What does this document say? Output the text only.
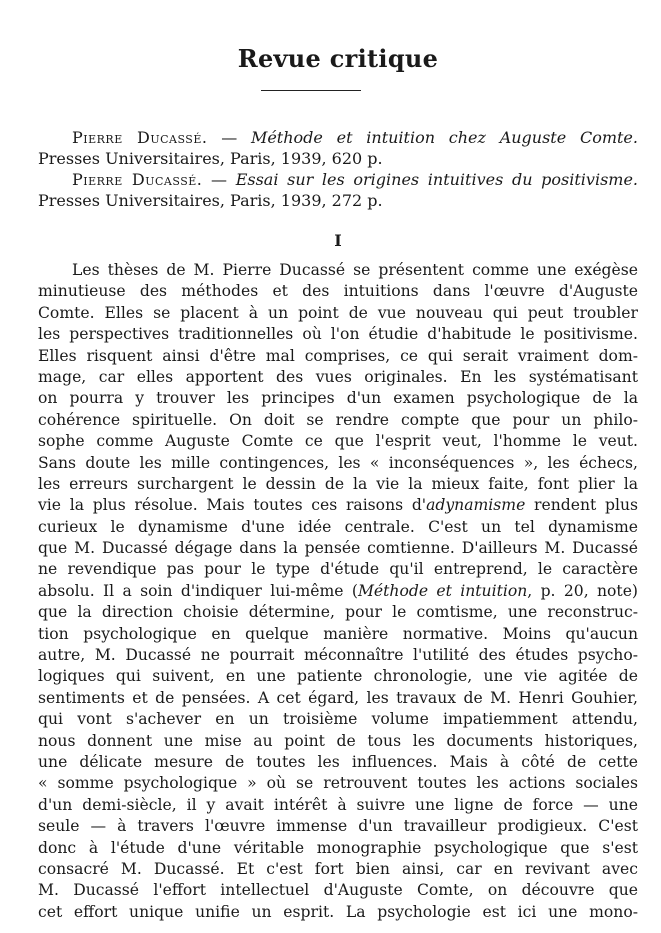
Revue critique

Pierre Ducassé. — Méthode et intuition chez Auguste Comte.
Presses Universitaires, Paris, 1939, 620 p.

Pierre Ducassé. — Essai sur les origines intuitives du positivisme.
Presses Universitaires, Paris, 1939, 272 p.

I
Les thèses de M. Pierre Ducassé se présentent comme une exégèse
minutieuse des méthodes et des intuitions dans l'œuvre d'Auguste
Comte. Elles se placent à un point de vue nouveau qui peut troubler
les perspectives traditionnelles où l'on étudie d'habitude le positivisme.
Elles risquent ainsi d'être mal comprises, ce qui serait vraiment dom-
mage, car elles apportent des vues originales. En les systématisant
on pourra y trouver les principes d'un examen psychologique de la
cohérence spirituelle. On doit se rendre compte que pour un philo-
sophe comme Auguste Comte ce que l'esprit veut, l'homme le veut.
Sans doute les mille contingences, les « inconséquences », les échecs,
les erreurs surchargent le dessin de la vie la mieux faite, font plier la
vie la plus résolue. Mais toutes ces raisons d'adynamisme rendent plus
curieux le dynamisme d'une idée centrale. C'est un tel dynamisme
que M. Ducassé dégage dans la pensée comtienne. D'ailleurs M. Ducassé
ne revendique pas pour le type d'étude qu'il entreprend, le caractère
absolu. Il a soin d'indiquer lui-même (Méthode et intuition, p. 20, note)
que la direction choisie détermine, pour le comtisme, une reconstruc-
tion psychologique en quelque manière normative. Moins qu'aucun
autre, M. Ducassé ne pourrait méconnaître l'utilité des études psycho-
logiques qui suivent, en une patiente chronologie, une vie agitée de
sentiments et de pensées. A cet égard, les travaux de M. Henri Gouhier,
qui vont s'achever en un troisième volume impatiemment attendu,
nous donnent une mise au point de tous les documents historiques,
une délicate mesure de toutes les influences. Mais à côté de cette
« somme psychologique » où se retrouvent toutes les actions sociales
d'un demi-siècle, il y avait intérêt à suivre une ligne de force — une
seule — à travers l'œuvre immense d'un travailleur prodigieux. C'est
donc à l'étude d'une véritable monographie psychologique que s'est
consacré M. Ducassé. Et c'est fort bien ainsi, car en revivant avec
M. Ducassé l'effort intellectuel d'Auguste Comte, on découvre que
cet effort unique unifie un esprit. La psychologie est ici une mono-
